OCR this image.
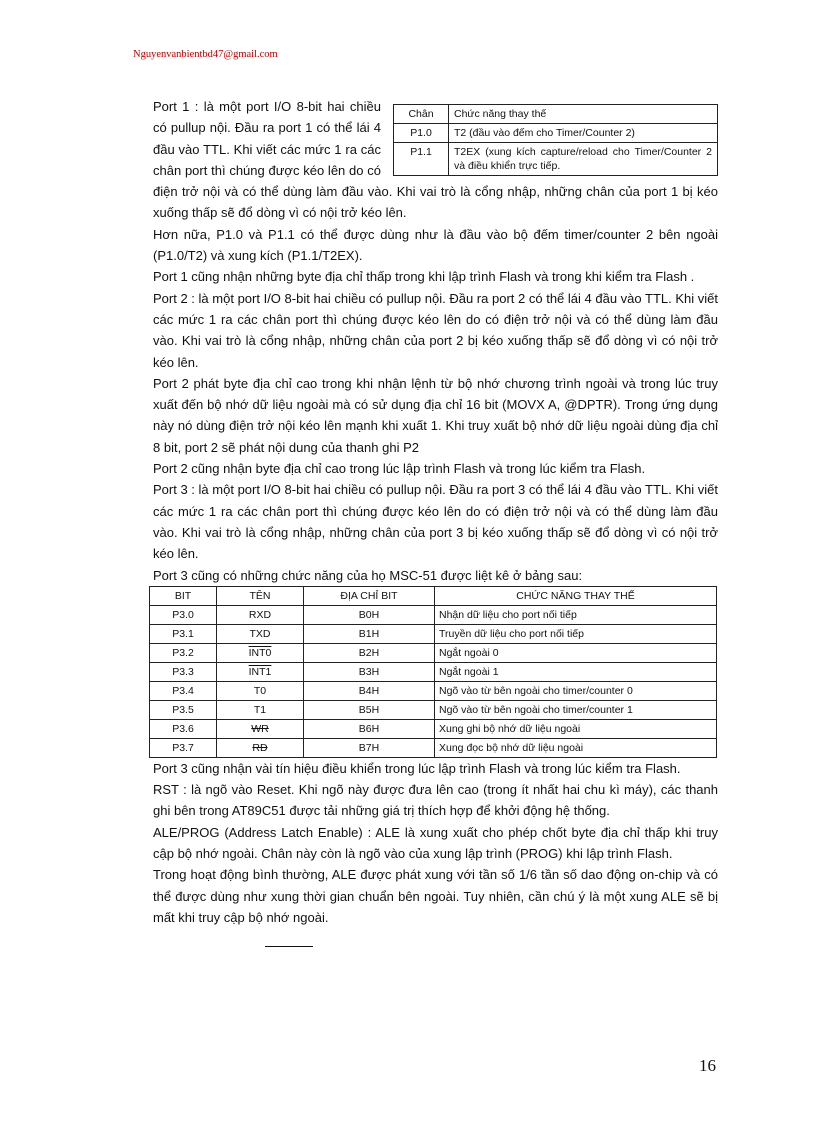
Nguyenvanbientbd47@gmail.com
Chân	Chức năng thay thế
P1.0	T2 (đầu vào đếm cho Timer/Counter 2)
P1.1	T2EX (xung kích capture/reload cho Timer/Counter 2 và điều khiển trực tiếp.

Port 1 : là một port I/O 8-bit hai chiều có pullup nội. Đầu ra port 1 có thể lái 4 đầu vào TTL. Khi viết các mức 1 ra các chân port thì chúng được kéo lên do có điện trở nội và có thể dùng làm đầu vào. Khi vai trò là cổng nhập, những chân của port 1 bị kéo xuống thấp sẽ đổ dòng vì có nội trở kéo lên.

Hơn nữa, P1.0 và P1.1 có thể được dùng như là đầu vào bộ đếm timer/counter 2 bên ngoài (P1.0/T2) và xung kích (P1.1/T2EX).

Port 1 cũng nhận những byte địa chỉ thấp trong khi lập trình Flash và trong khi kiểm tra Flash .

Port 2 : là một port I/O 8-bit hai chiều có pullup nội. Đầu ra port 2 có thể lái 4 đầu vào TTL. Khi viết các mức 1 ra các chân port thì chúng được kéo lên do có điện trở nội và có thể dùng làm đầu vào. Khi vai trò là cổng nhập, những chân của port 2 bị kéo xuống thấp sẽ đổ dòng vì có nội trở kéo lên.

Port 2 phát byte địa chỉ cao trong khi nhận lệnh từ bộ nhớ chương trình ngoài và trong lúc truy xuất đến bộ nhớ dữ liệu ngoài mà có sử dụng địa chỉ 16 bit (MOVX A, @DPTR). Trong ứng dụng này nó dùng điện trở nội kéo lên mạnh khi xuất 1. Khi truy xuất bộ nhớ dữ liệu ngoài dùng địa chỉ 8 bit, port 2 sẽ phát nội dung của thanh ghi P2

Port 2 cũng nhận byte địa chỉ cao trong lúc lập trình Flash và trong lúc kiểm tra Flash.

Port 3 : là một port I/O 8-bit hai chiều có pullup nội. Đầu ra port 3 có thể lái 4 đầu vào TTL. Khi viết các mức 1 ra các chân port thì chúng được kéo lên do có điện trở nội và có thể dùng làm đầu vào. Khi vai trò là cổng nhập, những chân của port 3 bị kéo xuống thấp sẽ đổ dòng vì có nội trở kéo lên.

Port 3 cũng có những chức năng của họ MSC-51 được liệt kê ở bảng sau:

BIT	TÊN	ĐỊA CHỈ BIT	CHỨC NĂNG THAY THẾ
P3.0	RXD	B0H	Nhận dữ liệu cho port nối tiếp
P3.1	TXD	B1H	Truyền dữ liệu cho port nối tiếp
P3.2	INT0	B2H	Ngắt ngoài 0
P3.3	INT1	B3H	Ngắt ngoài 1
P3.4	T0	B4H	Ngõ vào từ bên ngoài cho timer/counter 0
P3.5	T1	B5H	Ngõ vào từ bên ngoài cho timer/counter 1
P3.6	WR	B6H	Xung ghi bộ nhớ dữ liệu ngoài
P3.7	RD	B7H	Xung đọc bộ nhớ dữ liệu ngoài

Port 3 cũng nhận vài tín hiệu điều khiển trong lúc lập trình Flash và trong lúc kiểm tra Flash.

RST : là ngõ vào Reset. Khi ngõ này được đưa lên cao (trong ít nhất hai chu kì máy), các thanh ghi bên trong AT89C51 được tải những giá trị thích hợp để khởi động hệ thống.

ALE/PROG (Address Latch Enable) : ALE là xung xuất cho phép chốt byte địa chỉ thấp khi truy cập bộ nhớ ngoài. Chân này còn là ngõ vào của xung lập trình (PROG) khi lập trình Flash.

Trong hoạt động bình thường, ALE được phát xung với tần số 1/6 tần số dao động on-chip và có thể được dùng như xung thời gian chuẩn bên ngoài. Tuy nhiên, cần chú ý là một xung ALE sẽ bị mất khi truy cập bộ nhớ ngoài.

16
